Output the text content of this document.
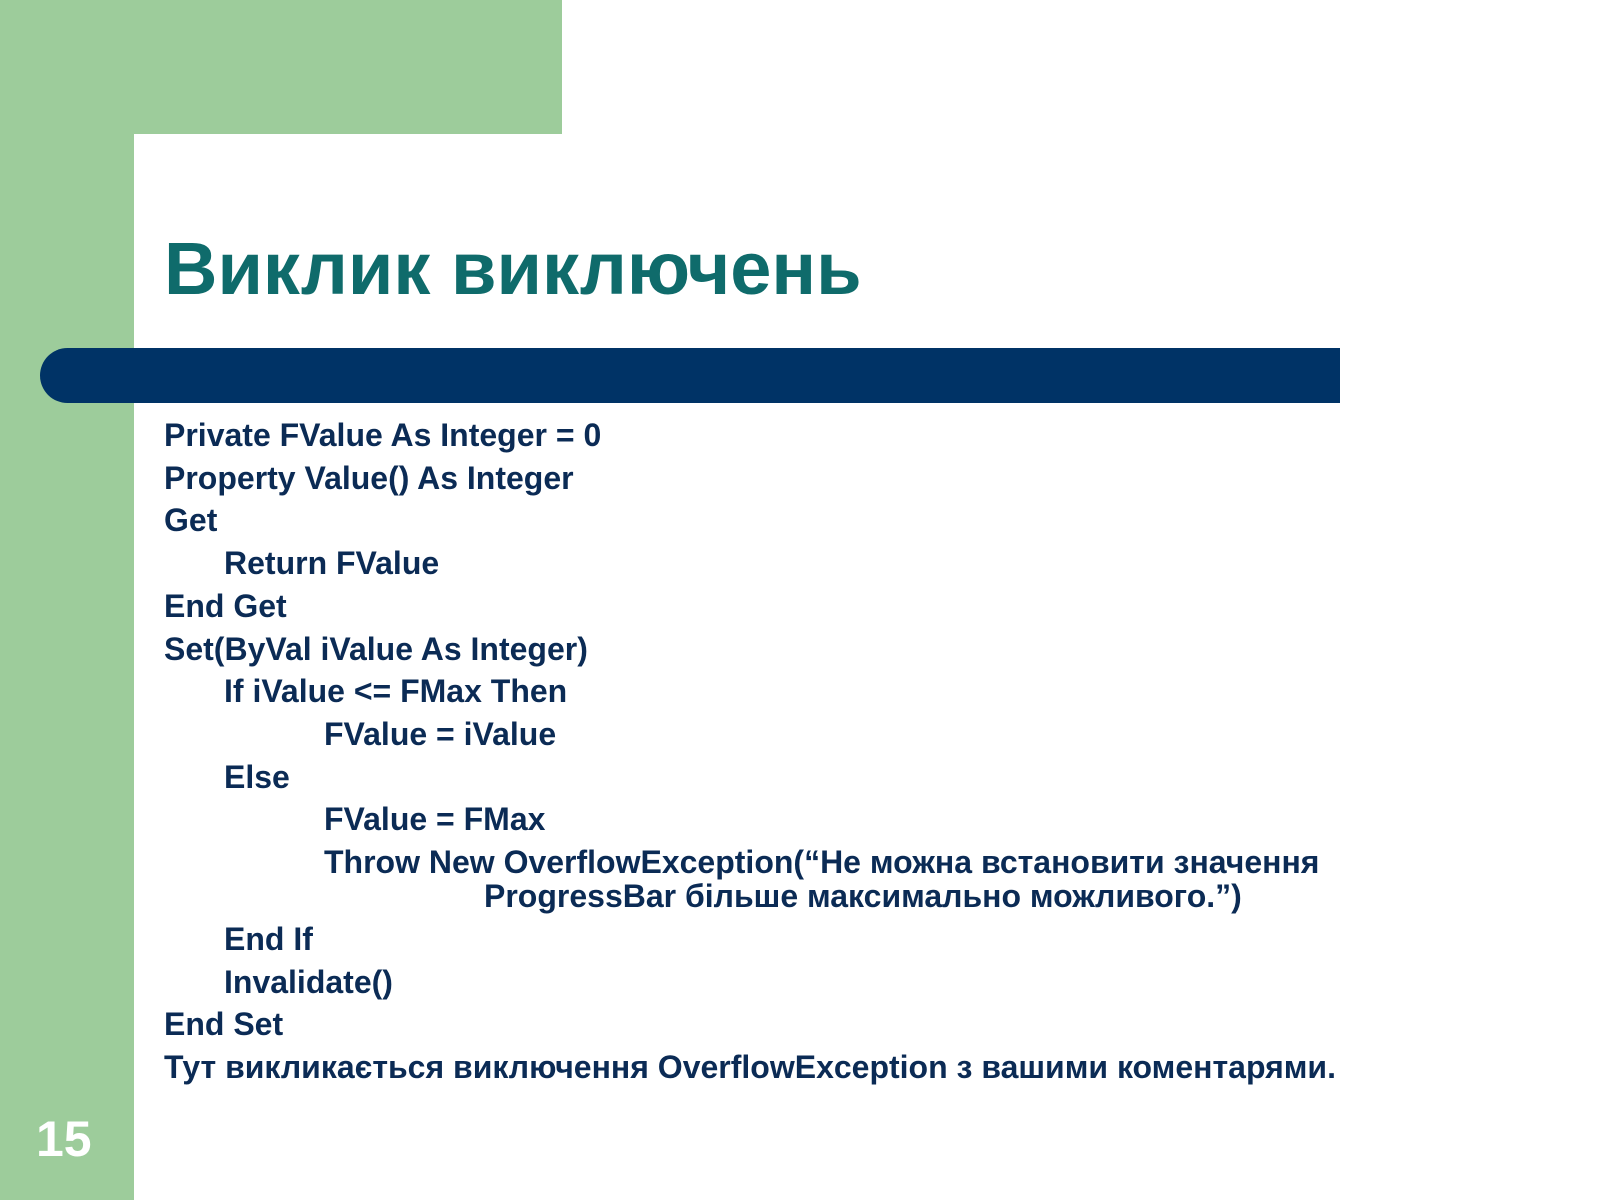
Виклик виключень
Private FValue As Integer = 0
Property Value() As Integer
Get
Return FValue
End Get
Set(ByVal iValue As Integer)
If iValue <= FMax Then
FValue = iValue
Else
FValue = FMax
Throw New OverflowException(“Не можна встановити значення
ProgressBar більше максимально можливого.”)
End If
Invalidate()
End Set
Тут викликається виключення OverflowException з вашими коментарями.
15
